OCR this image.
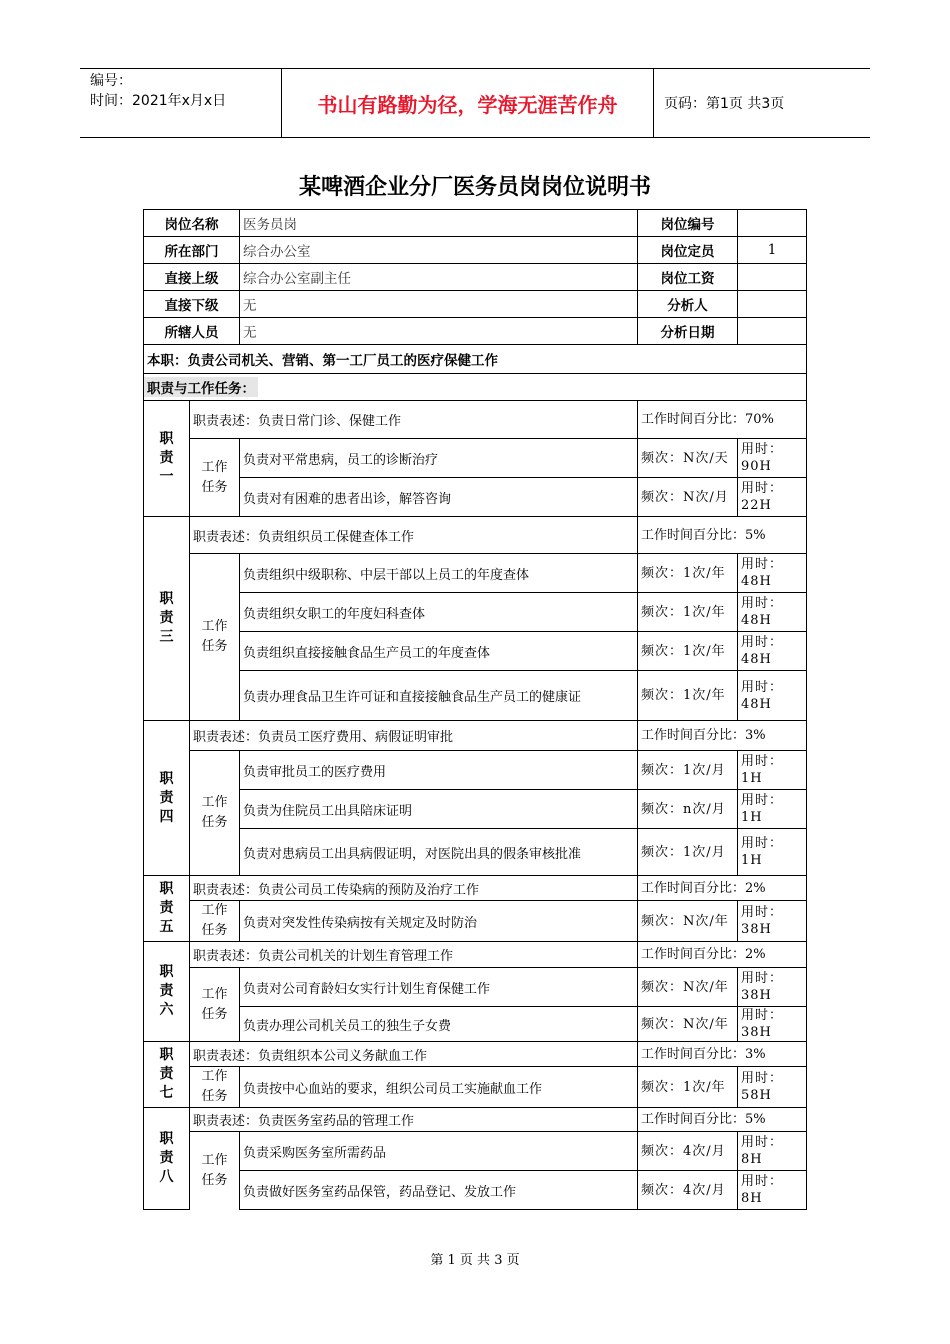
编号：
时间：2021年x月x日	书山有路勤为径，学海无涯苦作舟	页码：第1页 共3页
某啤酒企业分厂医务员岗岗位说明书
岗位名称		医务员岗	岗位编号	
所在部门		综合办公室	岗位定员	1
直接上级		综合办公室副主任	岗位工资	
直接下级		无	分析人	
所辖人员		无	分析日期	
本职：负责公司机关、营销、第一工厂员工的医疗保健工作				
职责与工作任务：				
职
责
一	职责表述：负责日常门诊、保健工作		工作时间百分比：70%	
	工作
任务	负责对平常患病，员工的诊断治疗	频次：N次/天	用时：90H
		负责对有困难的患者出诊，解答咨询	频次：N次/月	用时：22H
职
责
三	职责表述：负责组织员工保健查体工作		工作时间百分比：5%	
	工作
任务	负责组织中级职称、中层干部以上员工的年度查体	频次：1次/年	用时：48H
		负责组织女职工的年度妇科查体	频次：1次/年	用时：48H
		负责组织直接接触食品生产员工的年度查体	频次：1次/年	用时：48H
		负责办理食品卫生许可证和直接接触食品生产员工的健康证	频次：1次/年	用时：48H
职
责
四	职责表述：负责员工医疗费用、病假证明审批		工作时间百分比：3%	
	工作
任务	负责审批员工的医疗费用	频次：1次/月	用时：1H
		负责为住院员工出具陪床证明	频次：n次/月	用时：1H
		负责对患病员工出具病假证明，对医院出具的假条审核批准	频次：1次/月	用时：1H
职
责
五	职责表述：负责公司员工传染病的预防及治疗工作		工作时间百分比：2%	
	工作
任务	负责对突发性传染病按有关规定及时防治	频次：N次/年	用时：38H
职
责
六	职责表述：负责公司机关的计划生育管理工作		工作时间百分比：2%	
	工作
任务	负责对公司育龄妇女实行计划生育保健工作	频次：N次/年	用时：38H
		负责办理公司机关员工的独生子女费	频次：N次/年	用时：38H
职
责
七	职责表述：负责组织本公司义务献血工作		工作时间百分比：3%	
	工作
任务	负责按中心血站的要求，组织公司员工实施献血工作	频次：1次/年	用时：58H
职
责
八	职责表述：负责医务室药品的管理工作		工作时间百分比：5%	
	工作
任务	负责采购医务室所需药品	频次：4次/月	用时：8H
		负责做好医务室药品保管，药品登记、发放工作	频次：4次/月	用时：8H
第 1 页 共 3 页
